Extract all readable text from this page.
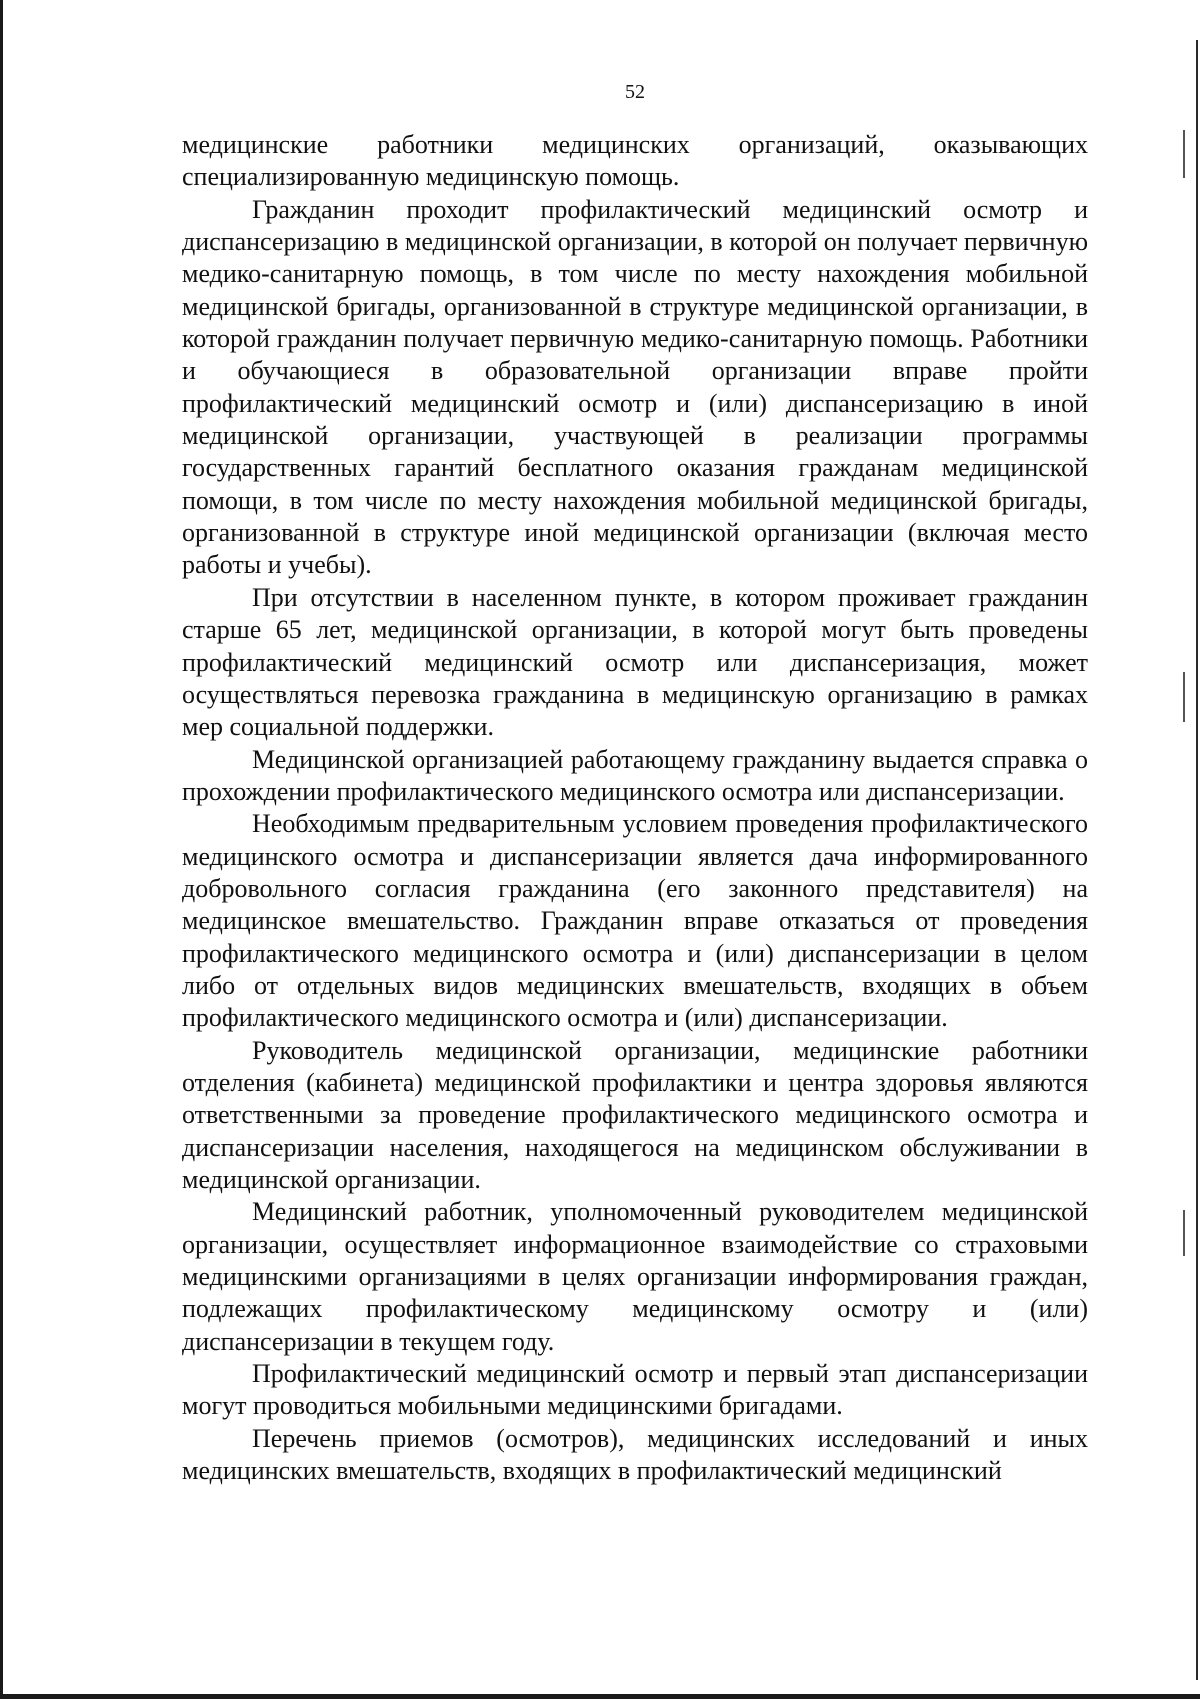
52

медицинские работники медицинских организаций, оказывающих специализированную медицинскую помощь.

Гражданин проходит профилактический медицинский осмотр и диспансеризацию в медицинской организации, в которой он получает первичную медико-санитарную помощь, в том числе по месту нахождения мобильной медицинской бригады, организованной в структуре медицинской организации, в которой гражданин получает первичную медико-санитарную помощь. Работники и обучающиеся в образовательной организации вправе пройти профилактический медицинский осмотр и (или) диспансеризацию в иной медицинской организации, участвующей в реализации программы государственных гарантий бесплатного оказания гражданам медицинской помощи, в том числе по месту нахождения мобильной медицинской бригады, организованной в структуре иной медицинской организации (включая место работы и учебы).

При отсутствии в населенном пункте, в котором проживает гражданин старше 65 лет, медицинской организации, в которой могут быть проведены профилактический медицинский осмотр или диспансеризация, может осуществляться перевозка гражданина в медицинскую организацию в рамках мер социальной поддержки.

Медицинской организацией работающему гражданину выдается справка о прохождении профилактического медицинского осмотра или диспансеризации.

Необходимым предварительным условием проведения профилактического медицинского осмотра и диспансеризации является дача информированного добровольного согласия гражданина (его законного представителя) на медицинское вмешательство. Гражданин вправе отказаться от проведения профилактического медицинского осмотра и (или) диспансеризации в целом либо от отдельных видов медицинских вмешательств, входящих в объем профилактического медицинского осмотра и (или) диспансеризации.

Руководитель медицинской организации, медицинские работники отделения (кабинета) медицинской профилактики и центра здоровья являются ответственными за проведение профилактического медицинского осмотра и диспансеризации населения, находящегося на медицинском обслуживании в медицинской организации.

Медицинский работник, уполномоченный руководителем медицинской организации, осуществляет информационное взаимодействие со страховыми медицинскими организациями в целях организации информирования граждан, подлежащих профилактическому медицинскому осмотру и (или) диспансеризации в текущем году.

Профилактический медицинский осмотр и первый этап диспансеризации могут проводиться мобильными медицинскими бригадами.

Перечень приемов (осмотров), медицинских исследований и иных медицинских вмешательств, входящих в профилактический медицинский
